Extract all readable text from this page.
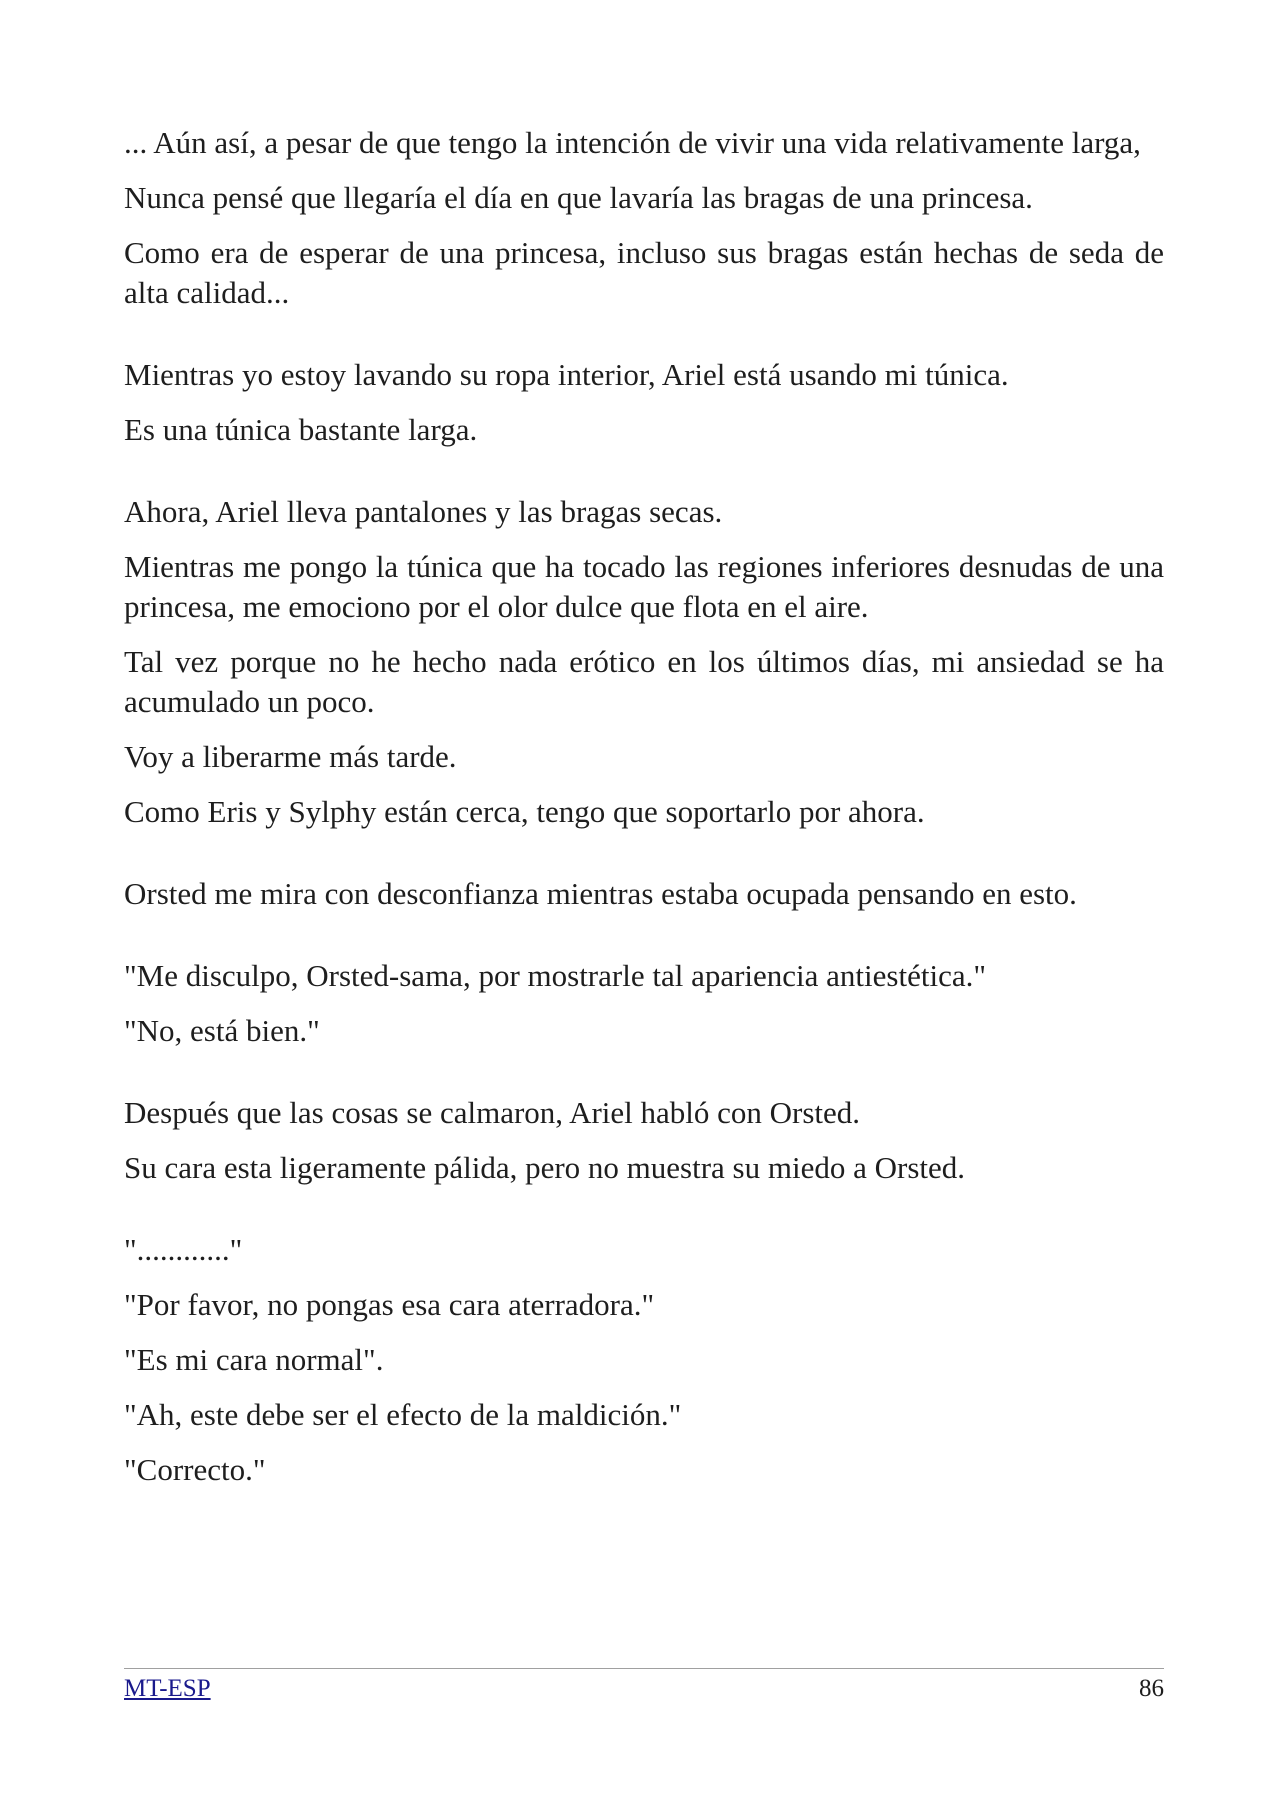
... Aún así, a pesar de que tengo la intención de vivir una vida relativamente larga,

Nunca pensé que llegaría el día en que lavaría las bragas de una princesa.

Como era de esperar de una princesa, incluso sus bragas están hechas de seda de alta calidad...

Mientras yo estoy lavando su ropa interior, Ariel está usando mi túnica.

Es una túnica bastante larga.

Ahora, Ariel lleva pantalones y las bragas secas.

Mientras me pongo la túnica que ha tocado las regiones inferiores desnudas de una princesa, me emociono por el olor dulce que flota en el aire.

Tal vez porque no he hecho nada erótico en los últimos días, mi ansiedad se ha acumulado un poco.

Voy a liberarme más tarde.

Como Eris y Sylphy están cerca, tengo que soportarlo por ahora.

Orsted me mira con desconfianza mientras estaba ocupada pensando en esto.

"Me disculpo, Orsted-sama, por mostrarle tal apariencia antiestética."

"No, está bien."

Después que las cosas se calmaron, Ariel habló con Orsted.

Su cara esta ligeramente pálida, pero no muestra su miedo a Orsted.

"............"

"Por favor, no pongas esa cara aterradora."

"Es mi cara normal".

"Ah, este debe ser el efecto de la maldición."

"Correcto."

MT-ESP	86
